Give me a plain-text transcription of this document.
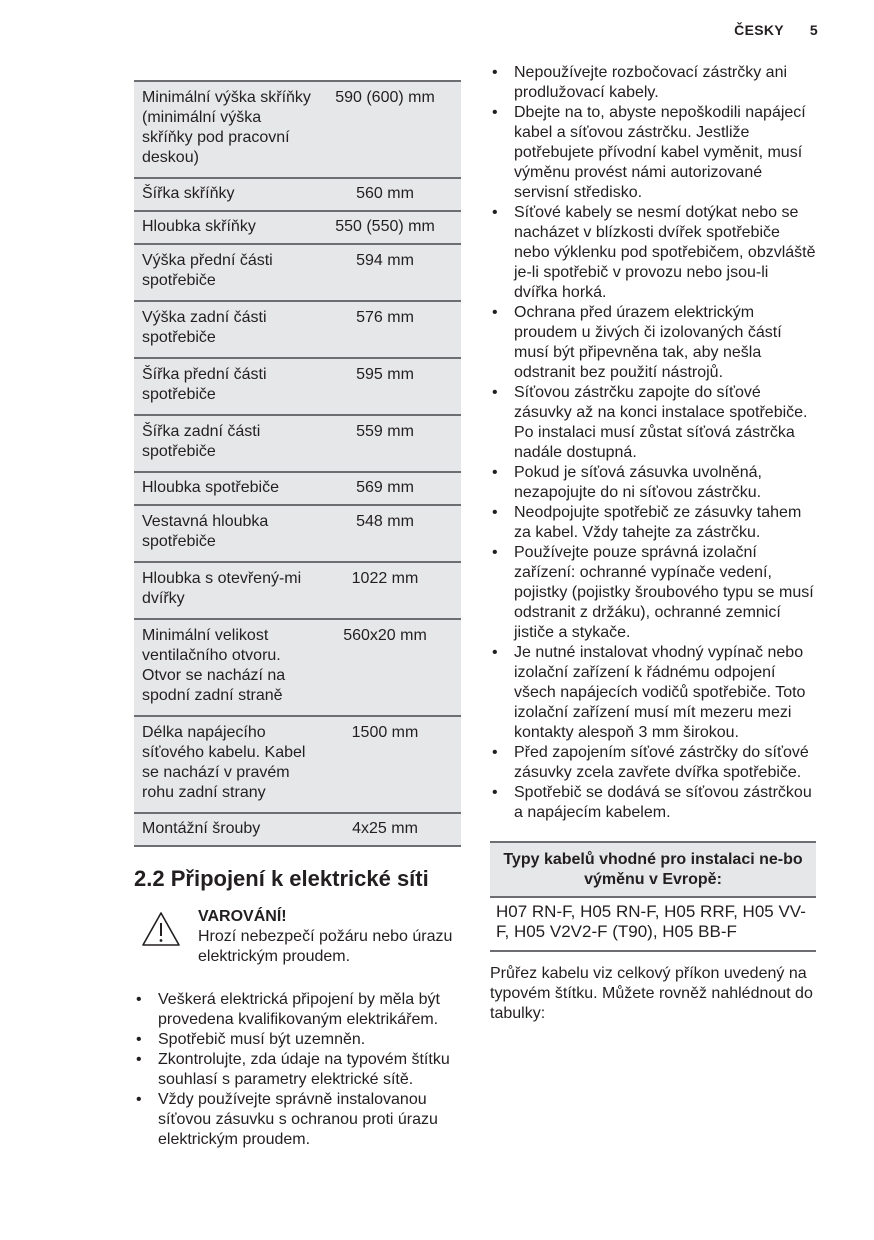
ČESKY 5
Minimální výška skříňky (minimální výška skříňky pod pracovní deskou)	590 (600) mm
Šířka skříňky	560 mm
Hloubka skříňky	550 (550) mm
Výška přední části spotřebiče	594 mm
Výška zadní části spotřebiče	576 mm
Šířka přední části spotřebiče	595 mm
Šířka zadní části spotřebiče	559 mm
Hloubka spotřebiče	569 mm
Vestavná hloubka spotřebiče	548 mm
Hloubka s otevřený-mi dvířky	1022 mm
Minimální velikost ventilačního otvoru. Otvor se nachází na spodní zadní straně	560x20 mm
Délka napájecího síťového kabelu. Kabel se nachází v pravém rohu zadní strany	1500 mm
Montážní šrouby	4x25 mm
2.2 Připojení k elektrické síti
VAROVÁNÍ!
Hrozí nebezpečí požáru nebo úrazu elektrickým proudem.
• Veškerá elektrická připojení by měla být provedena kvalifikovaným elektrikářem.
• Spotřebič musí být uzemněn.
• Zkontrolujte, zda údaje na typovém štítku souhlasí s parametry elektrické sítě.
• Vždy používejte správně instalovanou síťovou zásuvku s ochranou proti úrazu elektrickým proudem.
• Nepoužívejte rozbočovací zástrčky ani prodlužovací kabely.
• Dbejte na to, abyste nepoškodili napájecí kabel a síťovou zástrčku. Jestliže potřebujete přívodní kabel vyměnit, musí výměnu provést námi autorizované servisní středisko.
• Síťové kabely se nesmí dotýkat nebo se nacházet v blízkosti dvířek spotřebiče nebo výklenku pod spotřebičem, obzvláště je-li spotřebič v provozu nebo jsou-li dvířka horká.
• Ochrana před úrazem elektrickým proudem u živých či izolovaných částí musí být připevněna tak, aby nešla odstranit bez použití nástrojů.
• Síťovou zástrčku zapojte do síťové zásuvky až na konci instalace spotřebiče. Po instalaci musí zůstat síťová zástrčka nadále dostupná.
• Pokud je síťová zásuvka uvolněná, nezapojujte do ni síťovou zástrčku.
• Neodpojujte spotřebič ze zásuvky tahem za kabel. Vždy tahejte za zástrčku.
• Používejte pouze správná izolační zařízení: ochranné vypínače vedení, pojistky (pojistky šroubového typu se musí odstranit z držáku), ochranné zemnicí jističe a stykače.
• Je nutné instalovat vhodný vypínač nebo izolační zařízení k řádnému odpojení všech napájecích vodičů spotřebiče. Toto izolační zařízení musí mít mezeru mezi kontakty alespoň 3 mm širokou.
• Před zapojením síťové zástrčky do síťové zásuvky zcela zavřete dvířka spotřebiče.
• Spotřebič se dodává se síťovou zástrčkou a napájecím kabelem.
Typy kabelů vhodné pro instalaci ne-bo výměnu v Evropě:
H07 RN-F, H05 RN-F, H05 RRF, H05 VV-F, H05 V2V2-F (T90), H05 BB-F

Průřez kabelu viz celkový příkon uvedený na typovém štítku. Můžete rovněž nahlédnout do tabulky:
